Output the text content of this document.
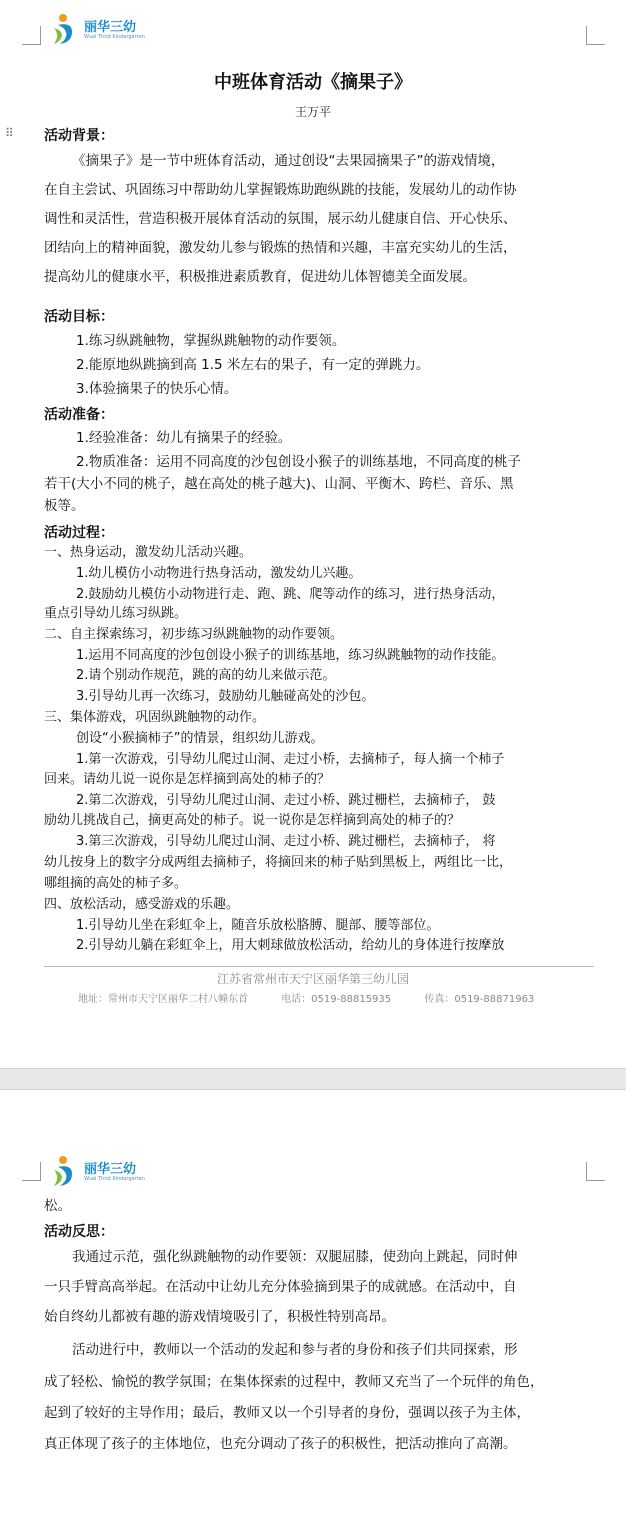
丽华三幼
Wuai Third Kindergarten
中班体育活动《摘果子》
王万平
⠿ 活动背景：
《摘果子》是一节中班体育活动，通过创设“去果园摘果子”的游戏情境，
在自主尝试、巩固练习中帮助幼儿掌握锻炼助跑纵跳的技能，发展幼儿的动作协
调性和灵活性，营造积极开展体育活动的氛围，展示幼儿健康自信、开心快乐、
团结向上的精神面貌，激发幼儿参与锻炼的热情和兴趣，丰富充实幼儿的生活，
提高幼儿的健康水平，积极推进素质教育，促进幼儿体智德美全面发展。
活动目标：
1.练习纵跳触物，掌握纵跳触物的动作要领。
2.能原地纵跳摘到高 1.5 米左右的果子，有一定的弹跳力。
3.体验摘果子的快乐心情。
活动准备：
1.经验准备：幼儿有摘果子的经验。
2.物质准备：运用不同高度的沙包创设小猴子的训练基地，不同高度的桃子
若干(大小不同的桃子，越在高处的桃子越大)、山洞、平衡木、跨栏、音乐、黑
板等。
活动过程：
一、热身运动，激发幼儿活动兴趣。
1.幼儿模仿小动物进行热身活动，激发幼儿兴趣。
2.鼓励幼儿模仿小动物进行走、跑、跳、爬等动作的练习，进行热身活动，
重点引导幼儿练习纵跳。
二、自主探索练习，初步练习纵跳触物的动作要领。
1.运用不同高度的沙包创设小猴子的训练基地，练习纵跳触物的动作技能。
2.请个别动作规范，跳的高的幼儿来做示范。
3.引导幼儿再一次练习，鼓励幼儿触碰高处的沙包。
三、集体游戏，巩固纵跳触物的动作。
创设“小猴摘柿子”的情景，组织幼儿游戏。
1.第一次游戏，引导幼儿爬过山洞、走过小桥，去摘柿子，每人摘一个柿子
回来。请幼儿说一说你是怎样摘到高处的柿子的？
2.第二次游戏，引导幼儿爬过山洞、走过小桥、跳过栅栏，去摘柿子， 鼓
励幼儿挑战自己，摘更高处的柿子。说一说你是怎样摘到高处的柿子的？
3.第三次游戏，引导幼儿爬过山洞、走过小桥、跳过栅栏，去摘柿子， 将
幼儿按身上的数字分成两组去摘柿子，将摘回来的柿子贴到黑板上，两组比一比，
哪组摘的高处的柿子多。
四、放松活动，感受游戏的乐趣。
1.引导幼儿坐在彩虹伞上，随音乐放松胳膊、腿部、腰等部位。
2.引导幼儿躺在彩虹伞上，用大刺球做放松活动，给幼儿的身体进行按摩放
江苏省常州市天宁区丽华第三幼儿园
地址：常州市天宁区丽华二村八幢东首	电话：0519-88815935	传真：0519-88871963
丽华三幼
Wuai Third Kindergarten
松。
活动反思：
我通过示范，强化纵跳触物的动作要领：双腿屈膝，使劲向上跳起，同时伸
一只手臂高高举起。在活动中让幼儿充分体验摘到果子的成就感。在活动中，自
始自终幼儿都被有趣的游戏情境吸引了，积极性特别高昂。
活动进行中，教师以一个活动的发起和参与者的身份和孩子们共同探索，形
成了轻松、愉悦的教学氛围；在集体探索的过程中，教师又充当了一个玩伴的角色，
起到了较好的主导作用；最后，教师又以一个引导者的身份，强调以孩子为主体，
真正体现了孩子的主体地位，也充分调动了孩子的积极性，把活动推向了高潮。
